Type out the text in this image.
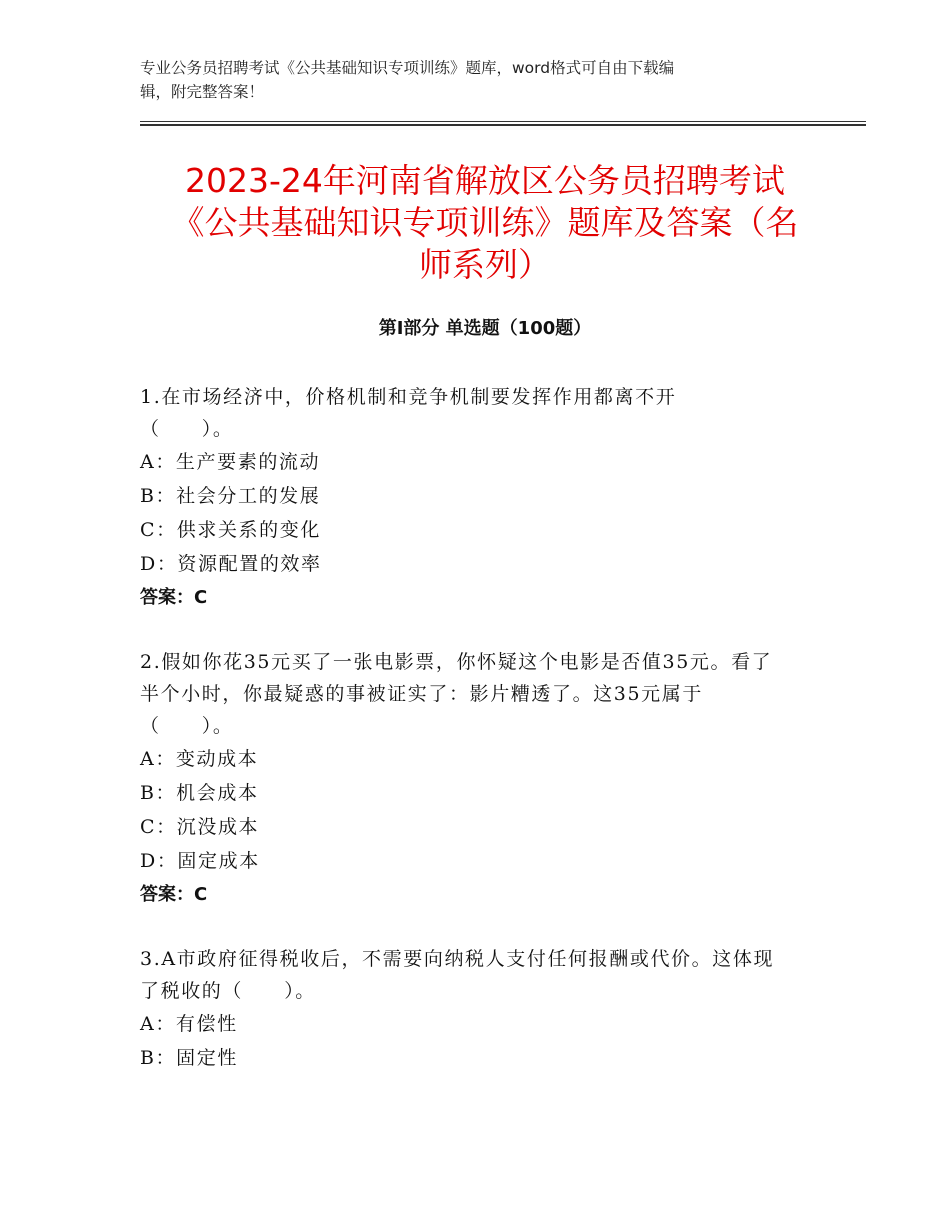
专业公务员招聘考试《公共基础知识专项训练》题库，word格式可自由下载编
辑，附完整答案！
2023-24年河南省解放区公务员招聘考试
《公共基础知识专项训练》题库及答案（名
师系列）
第Ⅰ部分 单选题（100题）

1.在市场经济中，价格机制和竞争机制要发挥作用都离不开

（　　）。

A：生产要素的流动

B：社会分工的发展

C：供求关系的变化

D：资源配置的效率

答案：C

2.假如你花35元买了一张电影票，你怀疑这个电影是否值35元。看了

半个小时，你最疑惑的事被证实了：影片糟透了。这35元属于

（　　）。

A：变动成本

B：机会成本

C：沉没成本

D：固定成本

答案：C

3.A市政府征得税收后，不需要向纳税人支付任何报酬或代价。这体现

了税收的（　　）。

A：有偿性

B：固定性
